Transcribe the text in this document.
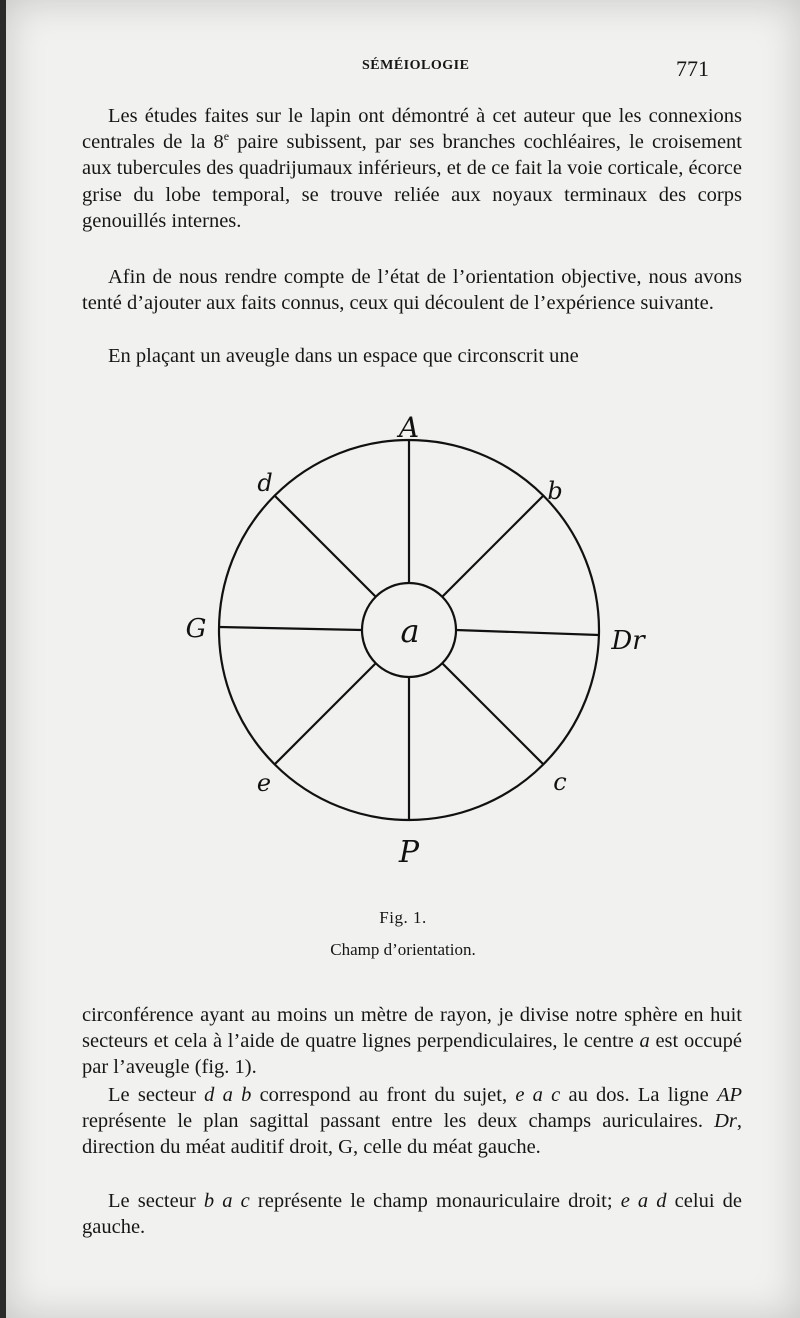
SÉMÉIOLOGIE	771

Les études faites sur le lapin ont démontré à cet auteur que les connexions centrales de la 8e paire subissent, par ses branches cochléaires, le croisement aux tubercules des quadrijumaux inférieurs, et de ce fait la voie corticale, écorce grise du lobe temporal, se trouve reliée aux noyaux terminaux des corps genouillés internes.

Afin de nous rendre compte de l’état de l’orientation objective, nous avons tenté d’ajouter aux faits connus, ceux qui découlent de l’expérience suivante.

En plaçant un aveugle dans un espace que circonscrit une

A
P
G	Dr
a
b
c
d
e
Fig. 1.
Champ d’orientation.

circonférence ayant au moins un mètre de rayon, je divise notre sphère en huit secteurs et cela à l’aide de quatre lignes perpendiculaires, le centre a est occupé par l’aveugle (fig. 1).

Le secteur d a b correspond au front du sujet, e a c au dos. La ligne AP représente le plan sagittal passant entre les deux champs auriculaires. Dr, direction du méat auditif droit, G, celle du méat gauche.

Le secteur b a c représente le champ monauriculaire droit; e a d celui de gauche.
